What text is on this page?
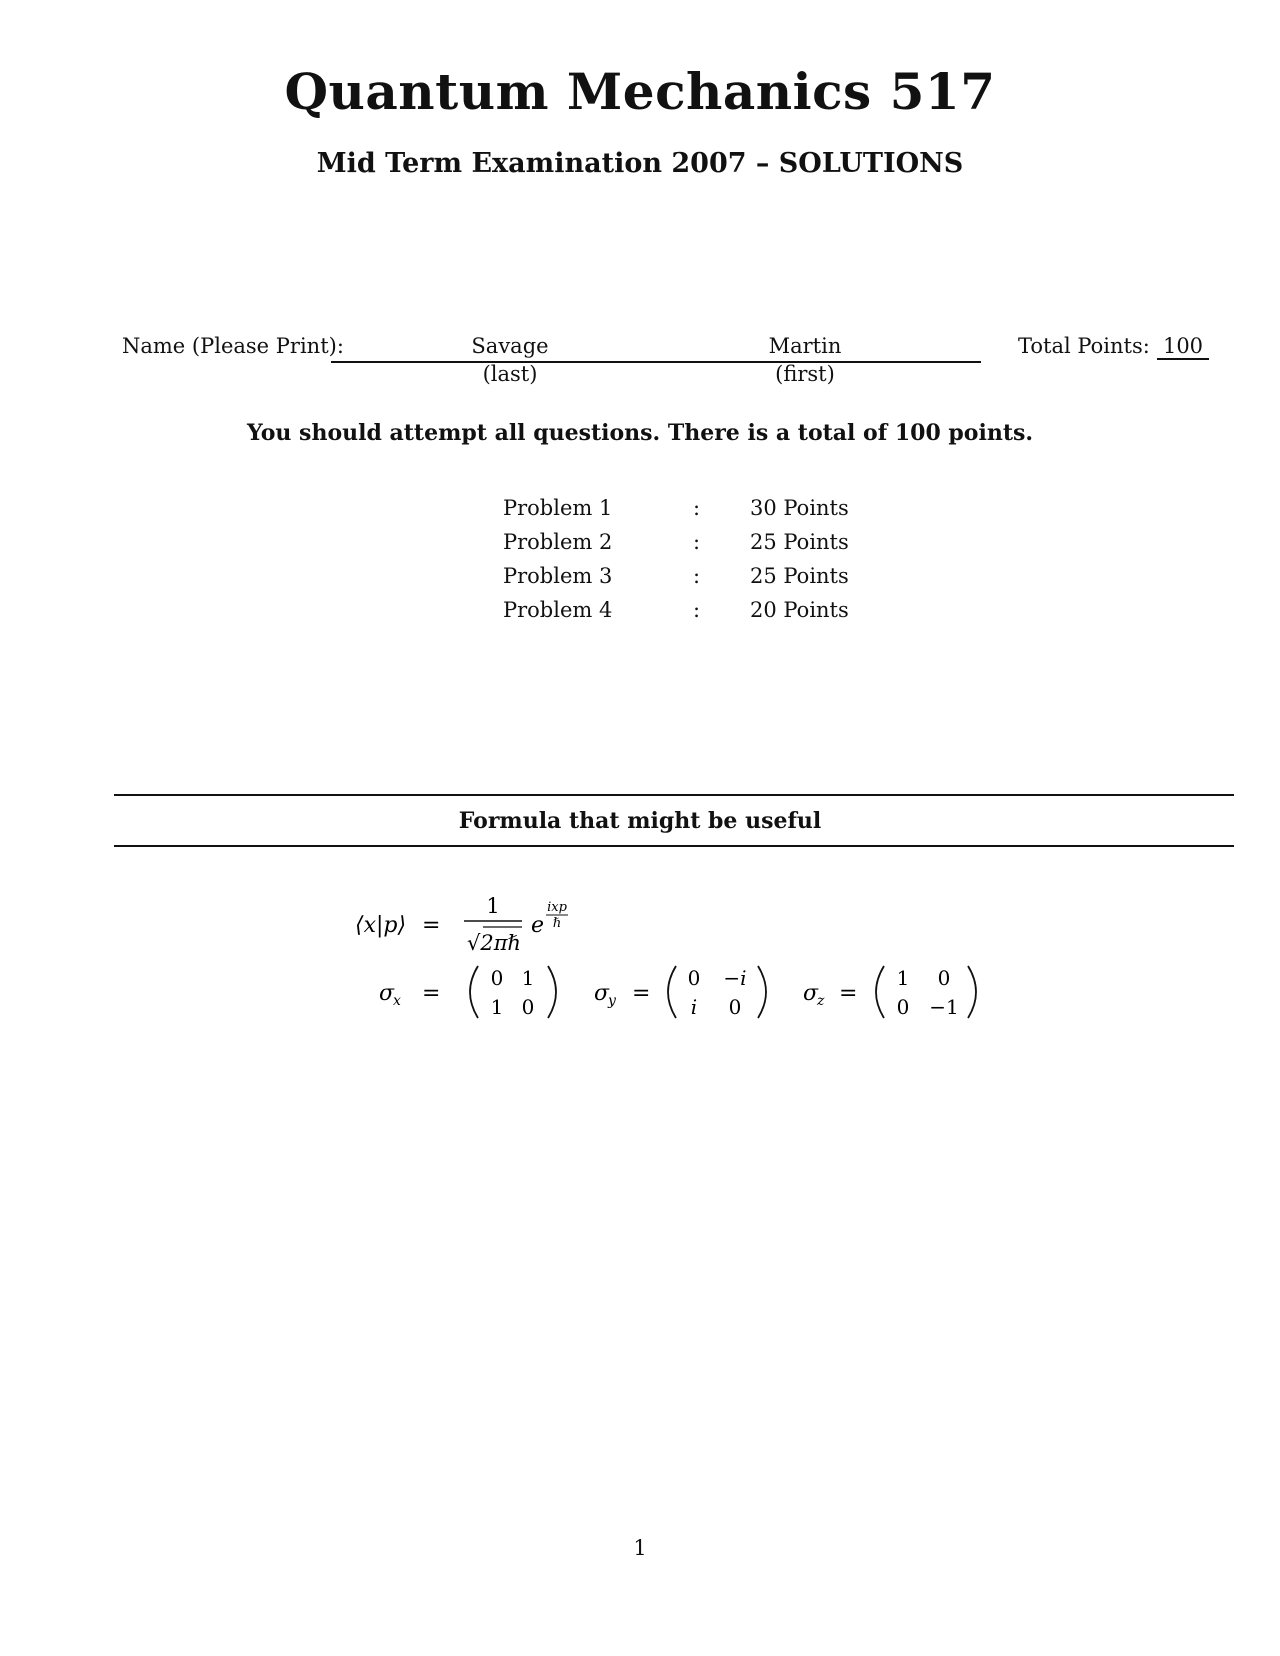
Quantum Mechanics 517
Mid Term Examination 2007 – SOLUTIONS
Name (Please Print):	Savage	Martin
(last)	(first)
Total Points: 100
You should attempt all questions. There is a total of 100 points.
Problem 1	: 30 Points
Problem 2	: 25 Points
Problem 3	: 25 Points
Problem 4	: 20 Points
Formula that might be useful
⟨x|p⟩ =
1
√2πℏ
e
ixp
ℏ
σ
x =
0 1
1 0
σ
y =
0 −i
i 0
σ
z =
1 0
0 −1
1
